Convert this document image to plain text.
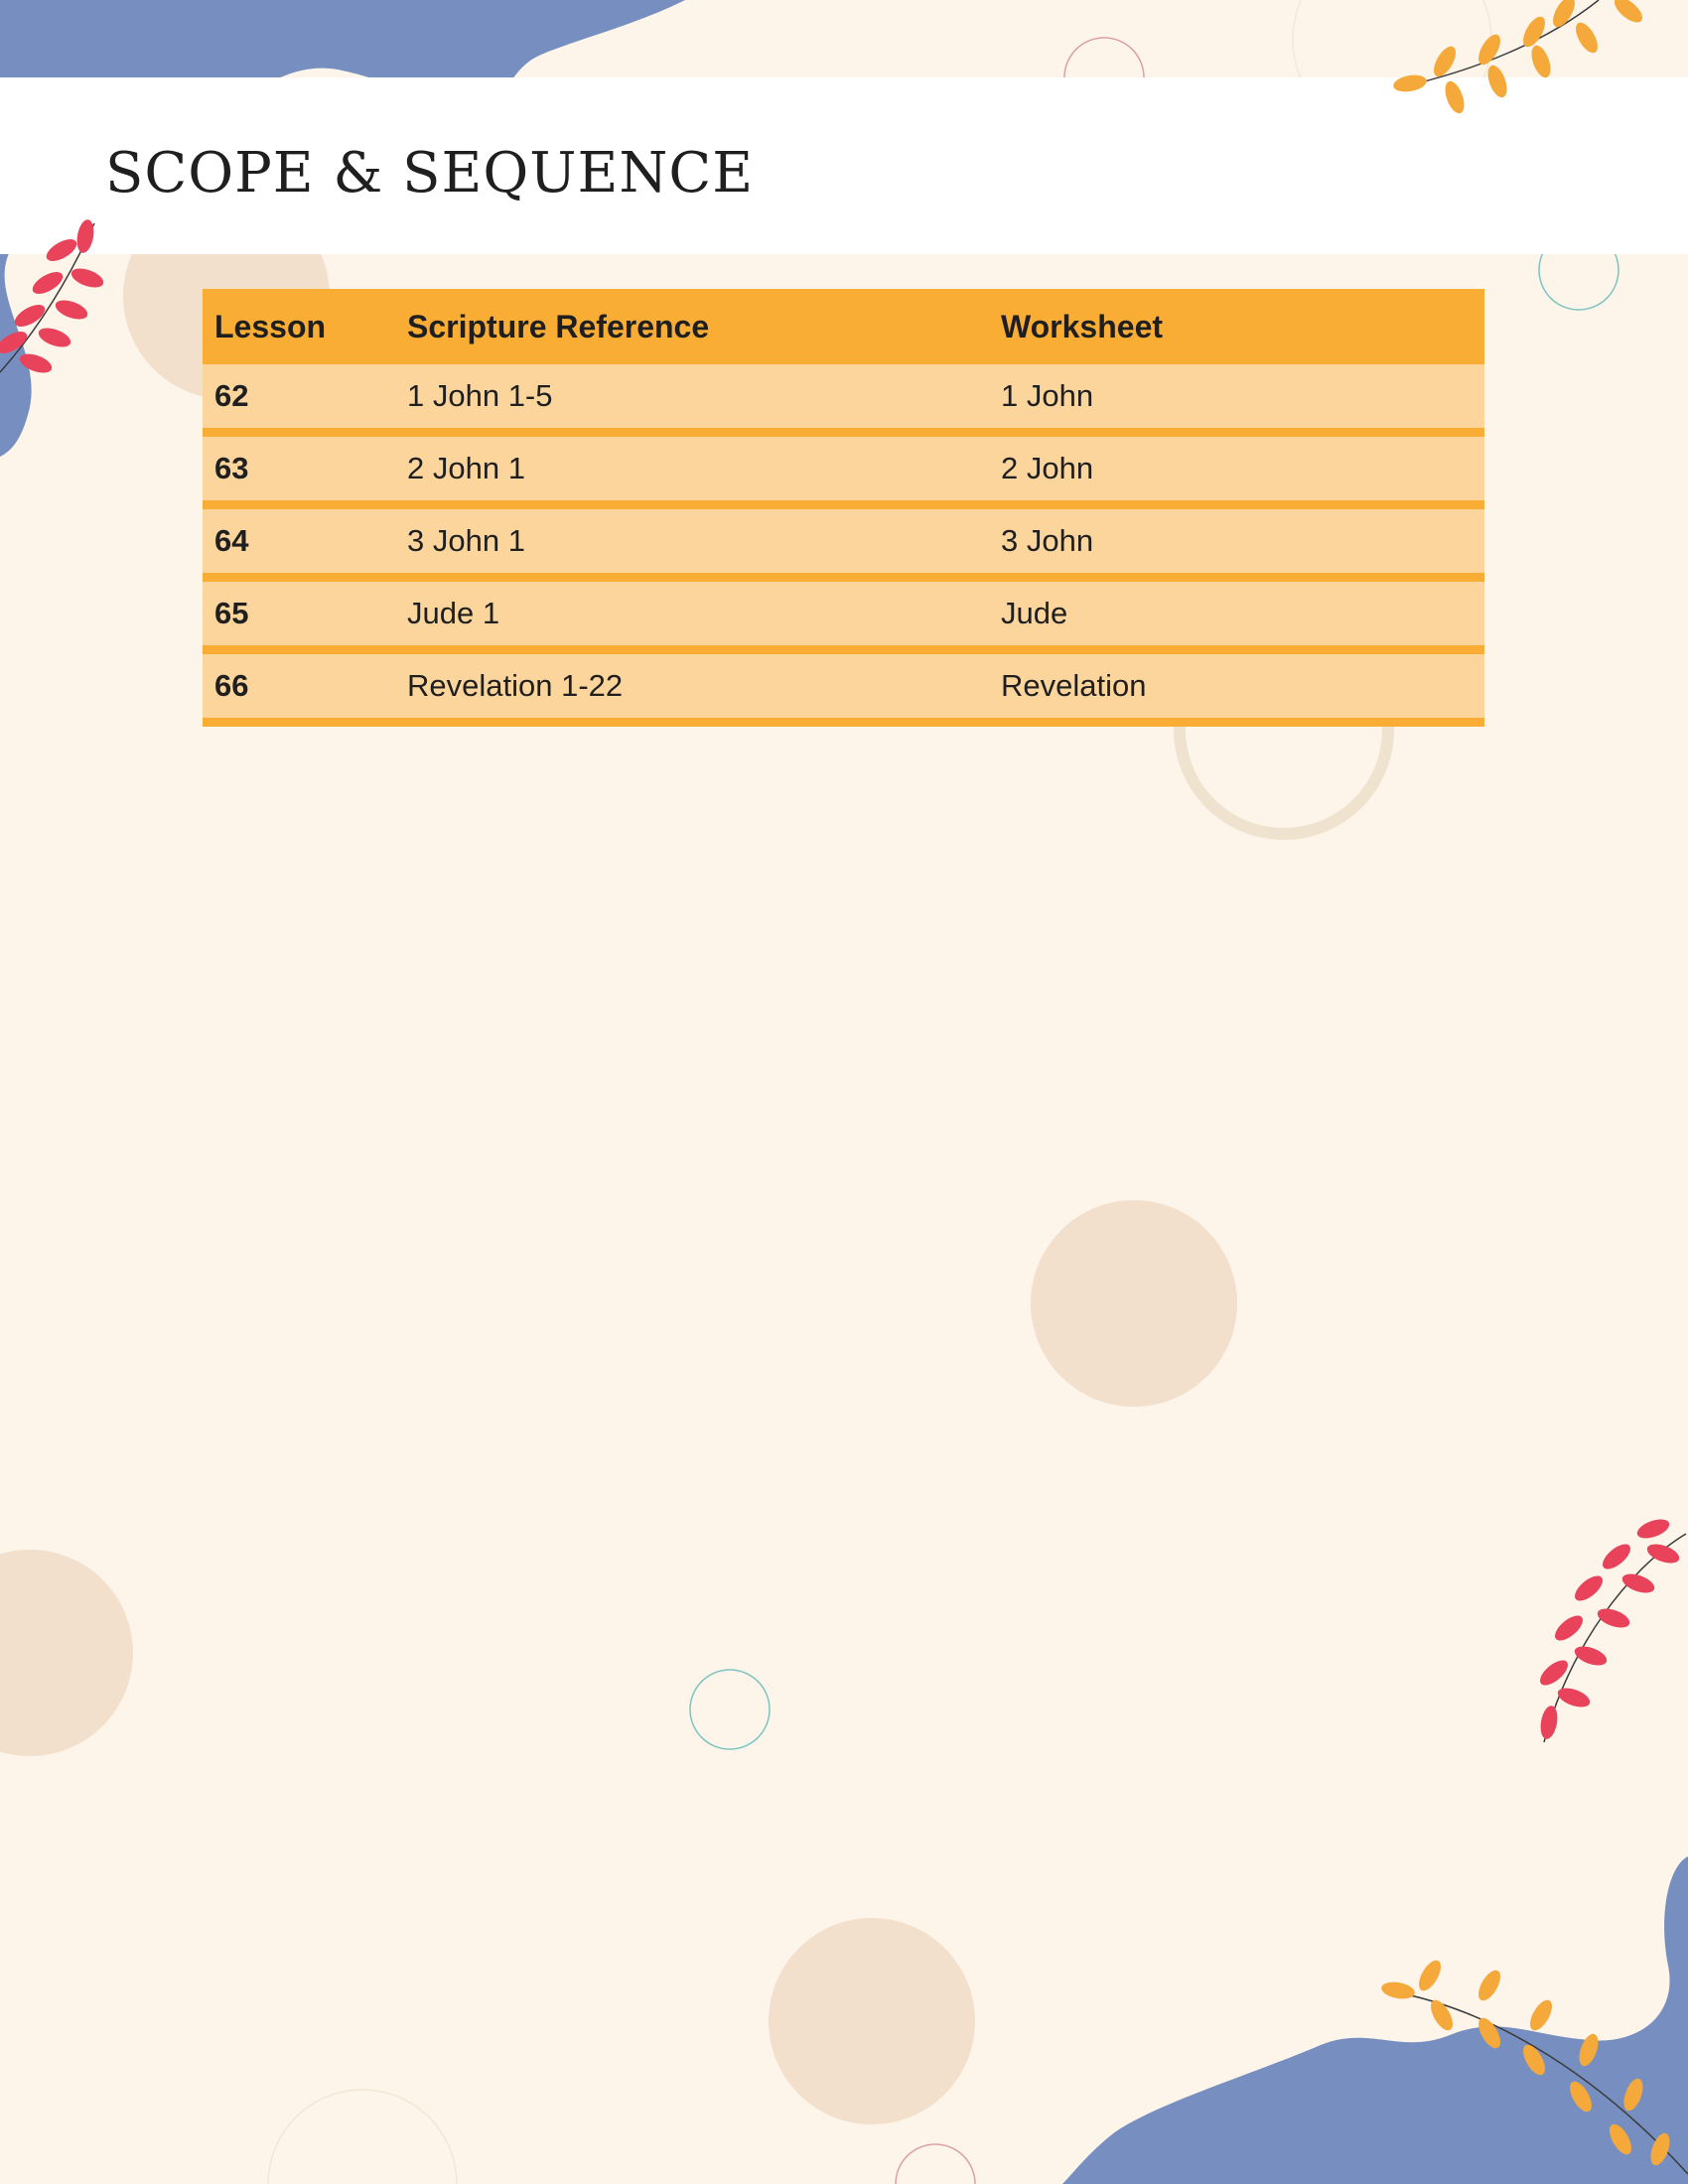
SCOPE & SEQUENCE
Lesson	Scripture Reference	Worksheet
62	1 John 1-5	1 John
63	2 John 1	2 John
64	3 John 1	3 John
65	Jude 1	Jude
66	Revelation 1-22	Revelation
